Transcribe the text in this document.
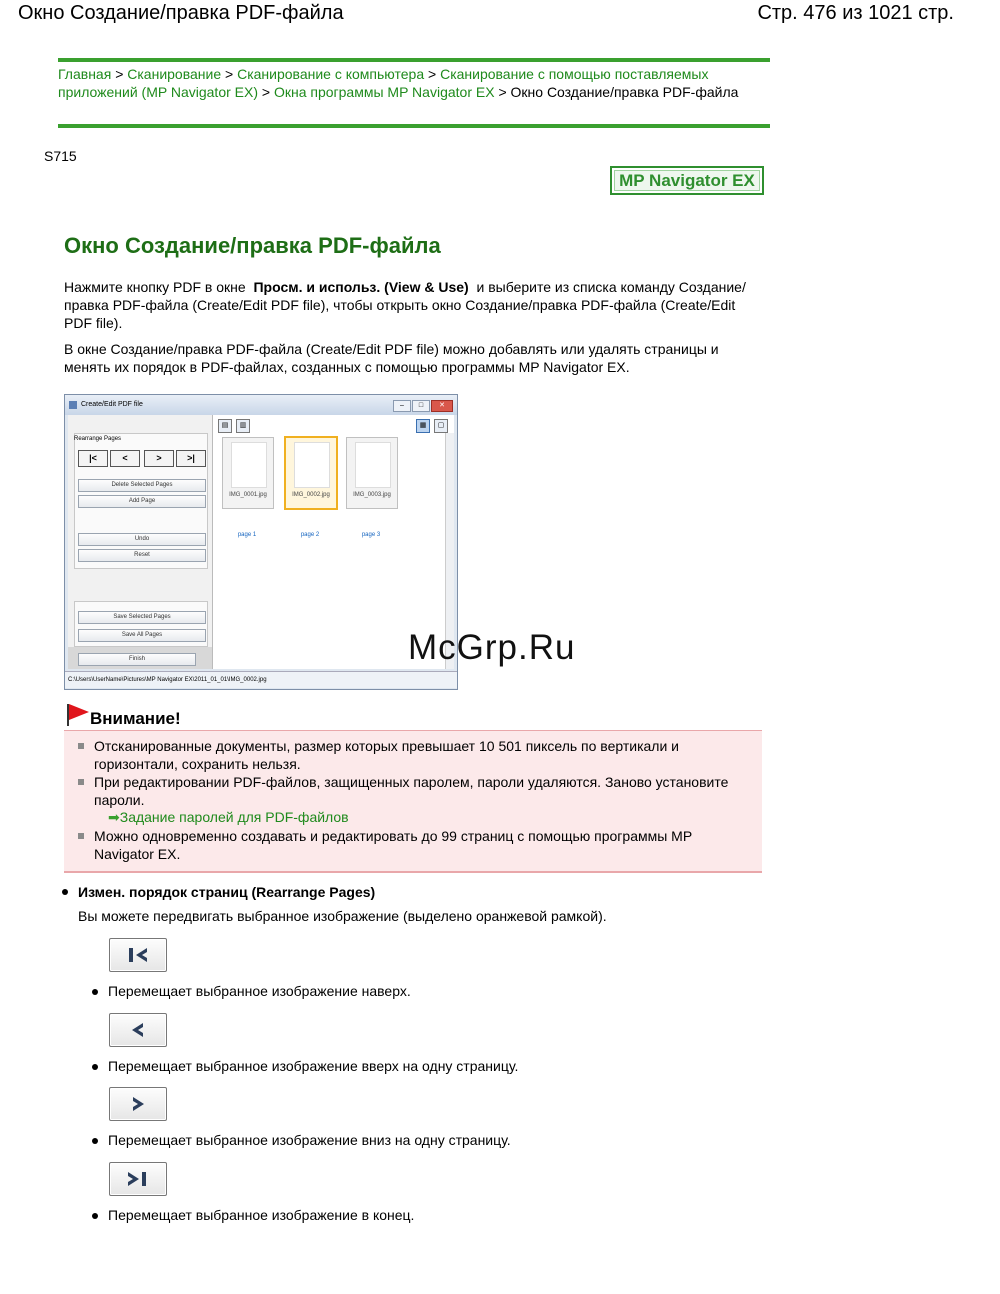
Окно Создание/правка PDF-файла	Стр. 476 из 1021 стр.
Главная > Сканирование > Сканирование с компьютера > Сканирование с помощью поставляемых приложений (MP Navigator EX) > Окна программы MP Navigator EX > Окно Создание/правка PDF-файла
S715
MP Navigator EX
Окно Создание/правка PDF-файла
Нажмите кнопку PDF в окне Просм. и использ. (View & Use) и выберите из списка команду Создание/правка PDF-файла (Create/Edit PDF file), чтобы открыть окно Создание/правка PDF-файла (Create/Edit PDF file).
В окне Создание/правка PDF-файла (Create/Edit PDF file) можно добавлять или удалять страницы и менять их порядок в PDF-файлах, созданных с помощью программы MP Navigator EX.
Create/Edit PDF file	–	□	✕
Rearrange Pages
|<	<	>	>|
Delete Selected Pages
Add Page
Undo
Reset
Save Selected Pages
Save All Pages
Finish
▤	▥	▦	▢
IMG_0001.jpg
page 1
IMG_0002.jpg
page 2
IMG_0003.jpg
page 3
C:\Users\UserName\Pictures\MP Navigator EX\2011_01_01\IMG_0002.jpg
McGrp.Ru
Внимание!
Отсканированные документы, размер которых превышает 10 501 пиксель по вертикали и горизонтали, сохранить нельзя.
При редактировании PDF-файлов, защищенных паролем, пароли удаляются. Заново установите пароли.
➡Задание паролей для PDF-файлов
Можно одновременно создавать и редактировать до 99 страниц с помощью программы MP Navigator EX.
Измен. порядок страниц (Rearrange Pages)
Вы можете передвигать выбранное изображение (выделено оранжевой рамкой).
Перемещает выбранное изображение наверх.
Перемещает выбранное изображение вверх на одну страницу.
Перемещает выбранное изображение вниз на одну страницу.
Перемещает выбранное изображение в конец.
